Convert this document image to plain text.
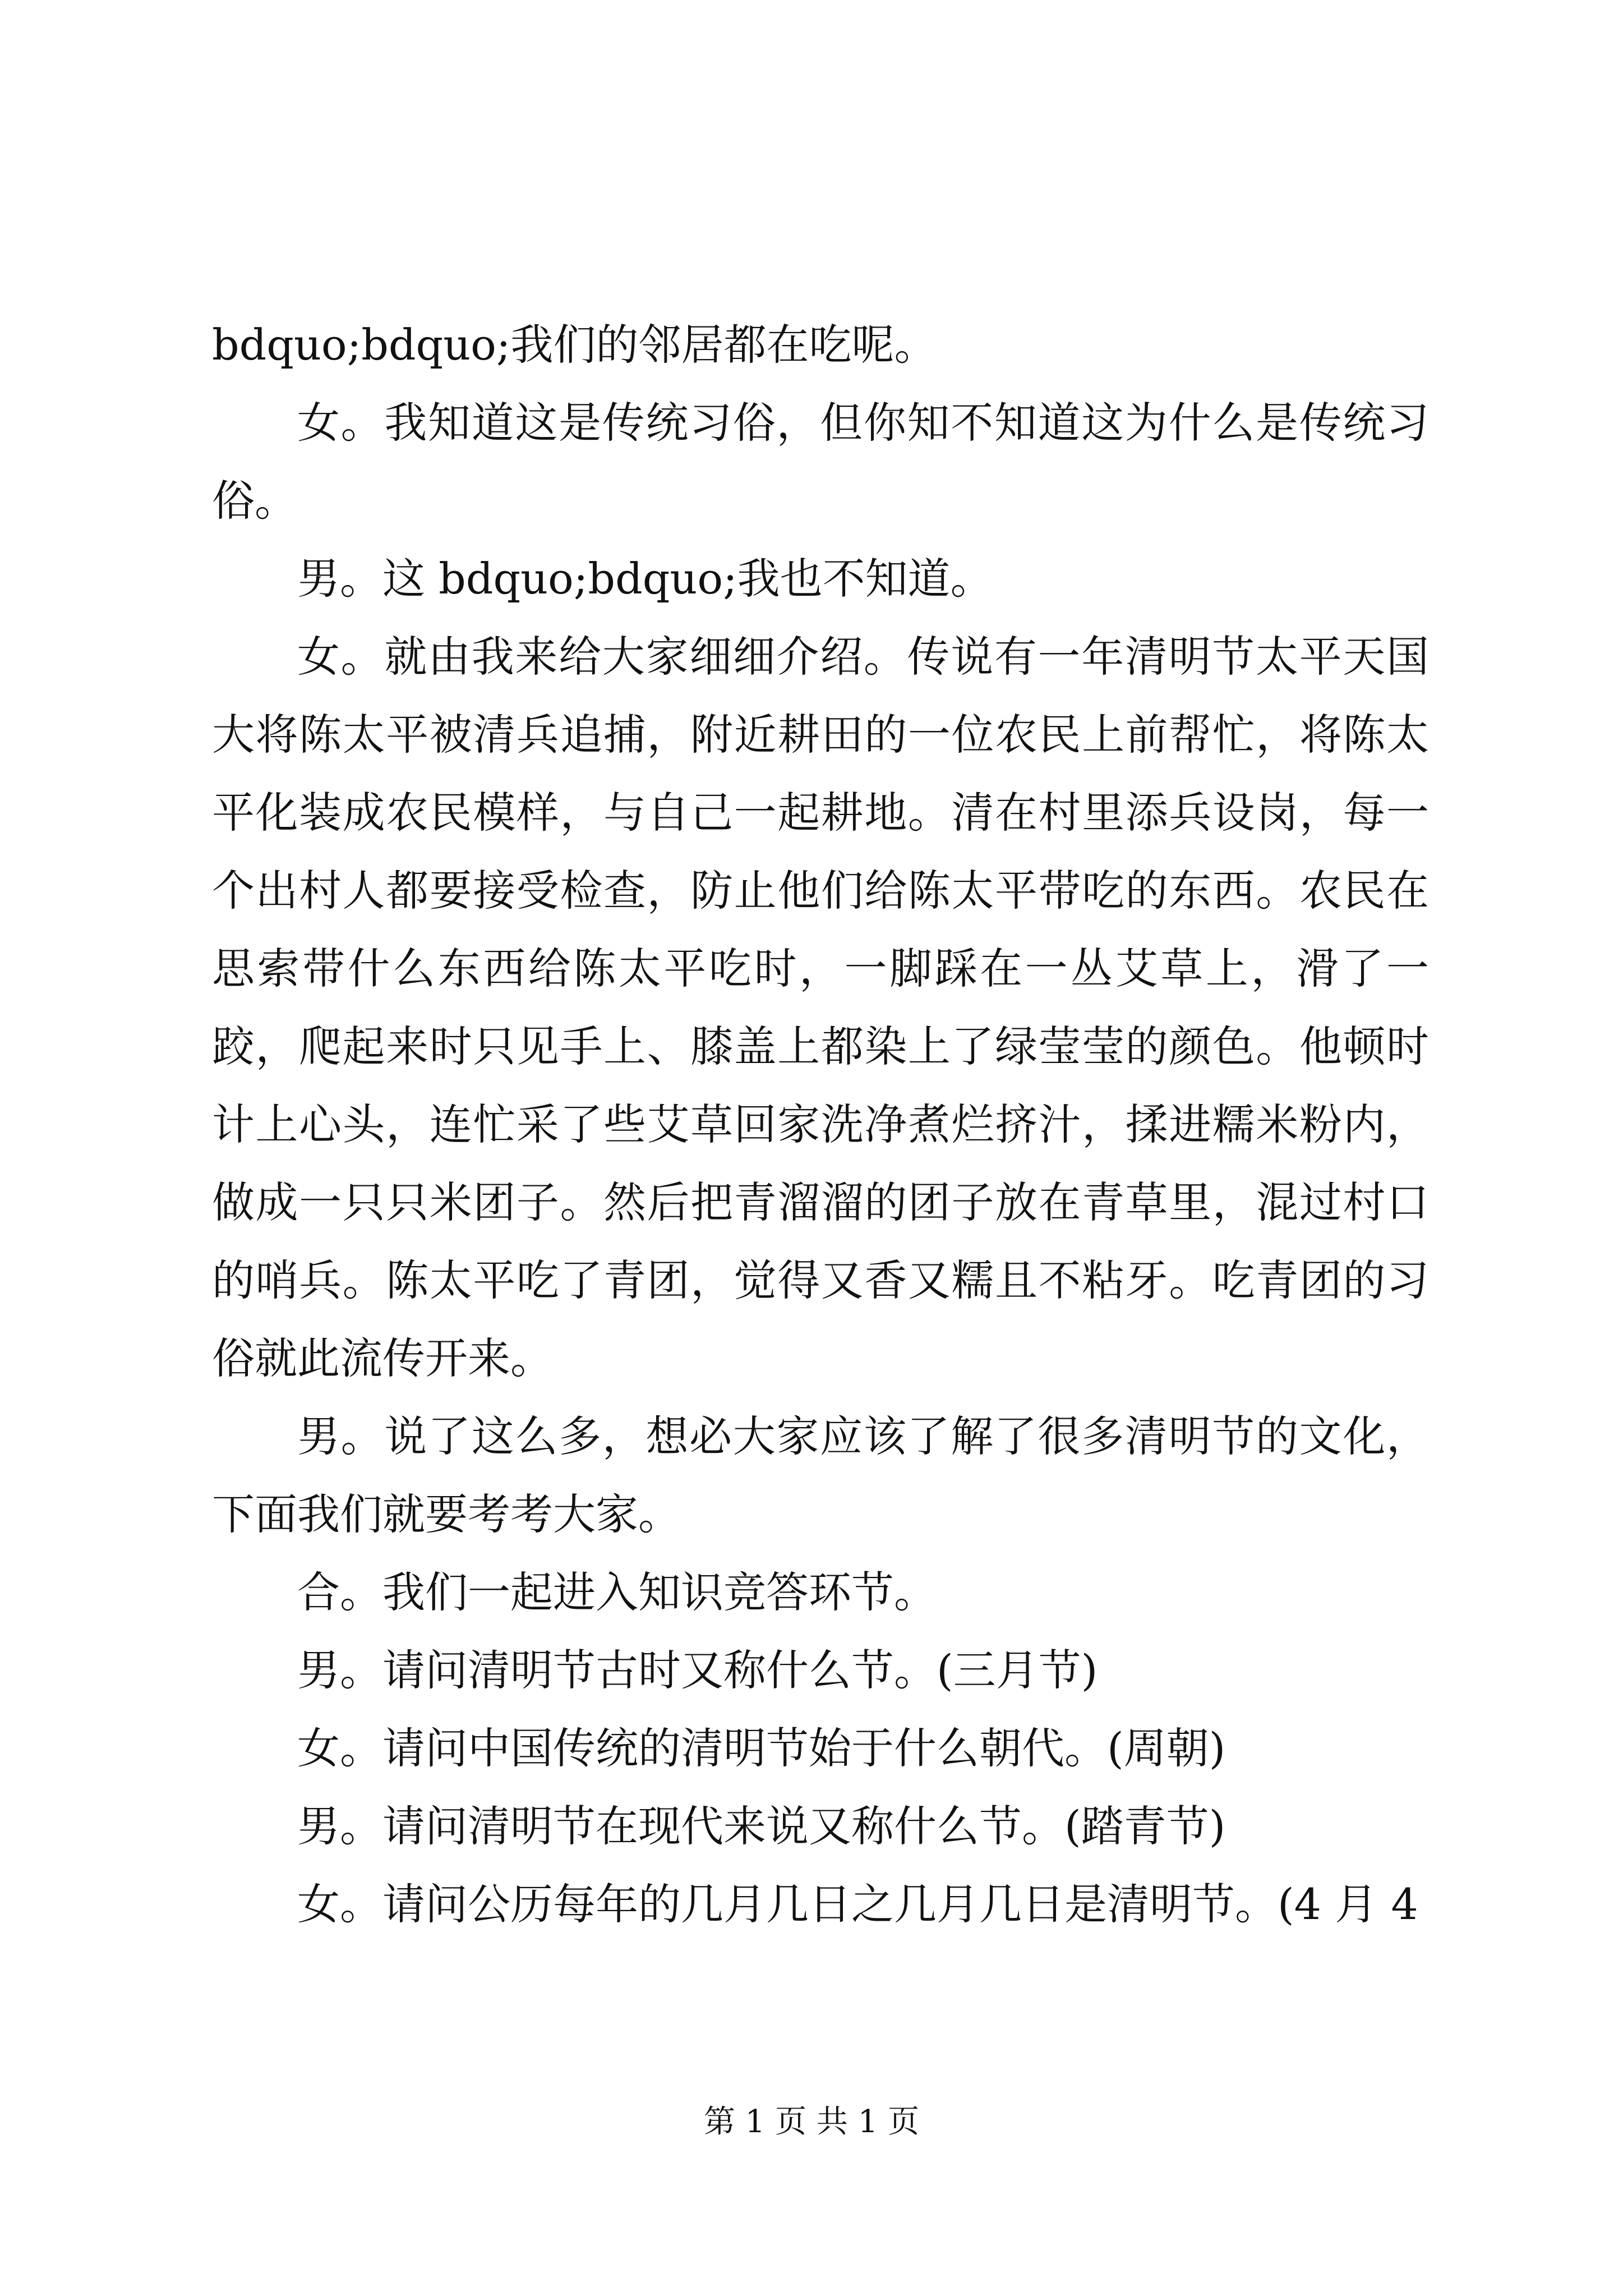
bdquo;bdquo;我们的邻居都在吃呢。

女。我知道这是传统习俗，但你知不知道这为什么是传统习俗。

男。这 bdquo;bdquo;我也不知道。

女。就由我来给大家细细介绍。传说有一年清明节太平天国大将陈太平被清兵追捕，附近耕田的一位农民上前帮忙，将陈太平化装成农民模样，与自己一起耕地。清在村里添兵设岗，每一个出村人都要接受检查，防止他们给陈太平带吃的东西。农民在思索带什么东西给陈太平吃时，一脚踩在一丛艾草上，滑了一跤，爬起来时只见手上、膝盖上都染上了绿莹莹的颜色。他顿时计上心头，连忙采了些艾草回家洗净煮烂挤汁，揉进糯米粉内，做成一只只米团子。然后把青溜溜的团子放在青草里，混过村口的哨兵。陈太平吃了青团，觉得又香又糯且不粘牙。吃青团的习俗就此流传开来。

男。说了这么多，想必大家应该了解了很多清明节的文化，下面我们就要考考大家。

合。我们一起进入知识竞答环节。

男。请问清明节古时又称什么节。(三月节)

女。请问中国传统的清明节始于什么朝代。(周朝)

男。请问清明节在现代来说又称什么节。(踏青节)

女。请问公历每年的几月几日之几月几日是清明节。(4 月 4

第 1 页 共 1 页
